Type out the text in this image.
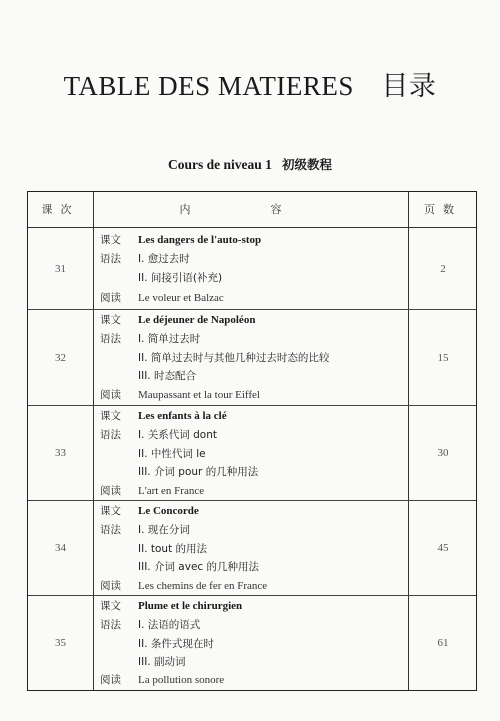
TABLE DES MATIERES　目录
Cours de niveau 1 初级教程
课次	内容	页数
31
课文 Les dangers de l'auto-stop
语法 I. 愈过去时
II. 间接引语(补充)
阅读 Le voleur et Balzac
2
32
课文 Le déjeuner de Napoléon
语法 I. 简单过去时
II. 简单过去时与其他几种过去时态的比较
III. 时态配合
阅读 Maupassant et la tour Eiffel
15
33
课文 Les enfants à la clé
语法 I. 关系代词 dont
II. 中性代词 le
III. 介词 pour 的几种用法
阅读 L'art en France
30
34
课文 Le Concorde
语法 I. 现在分词
II. tout 的用法
III. 介词 avec 的几种用法
阅读 Les chemins de fer en France
45
35
课文 Plume et le chirurgien
语法 I. 法语的语式
II. 条件式现在时
III. 副动词
阅读 La pollution sonore
61
